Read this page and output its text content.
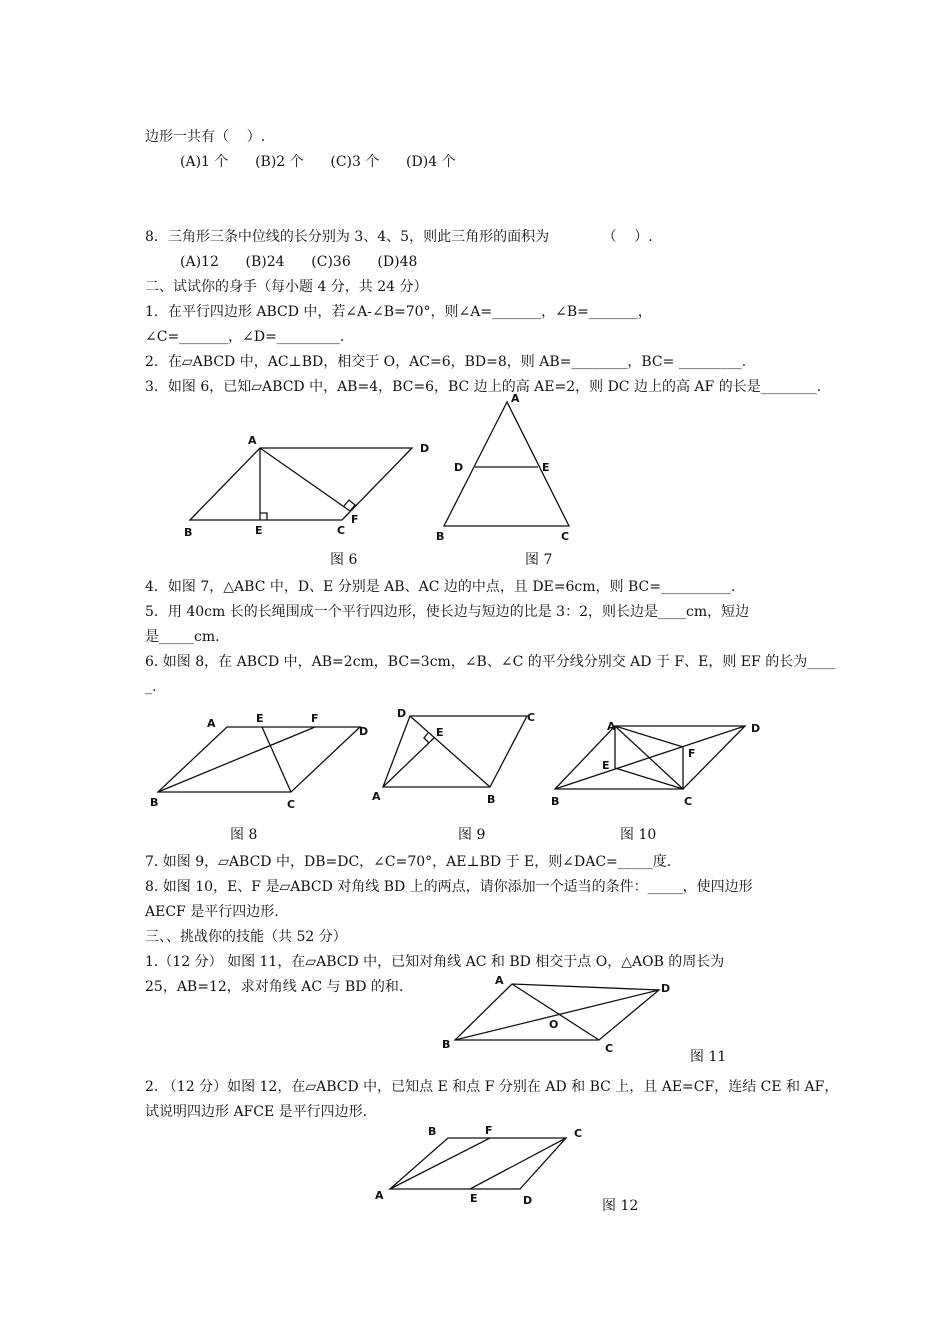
边形一共有（    ）.
(A)1 个      (B)2 个      (C)3 个      (D)4 个
8．三角形三条中位线的长分别为 3、4、5，则此三角形的面积为            （    ）.
(A)12      (B)24      (C)36      (D)48
二、试试你的身手（每小题 4 分，共 24 分）
1．在平行四边形 ABCD 中，若∠A-∠B=70°，则∠A=_______，∠B=_______，
∠C=_______，∠D=_________.
2．在▱ABCD 中，AC⊥BD，相交于 O，AC=6，BD=8，则 AB=________，BC= _________.
3．如图 6，已知▱ABCD 中，AB=4，BC=6，BC 边上的高 AE=2，则 DC 边上的高 AF 的长是________.
A
D
B	E	C
F
A
D	E
B	C
图 6	图 7
4．如图 7，△ABC 中，D、E 分别是 AB、AC 边的中点，且 DE=6cm，则 BC=__________.
5．用 40cm 长的长绳围成一个平行四边形，使长边与短边的比是 3：2，则长边是____cm，短边
是_____cm.
6. 如图 8，在 ABCD 中，AB=2cm，BC=3cm，∠B、∠C 的平分线分别交 AD 于 F、E，则 EF 的长为____
_.
A	E	F
D
B	C
D
E
C
A	B
A	D
E
F
B	C
图 8	图 9	图 10
7. 如图 9，▱ABCD 中，DB=DC，∠C=70°，AE⊥BD 于 E，则∠DAC=_____度.
8. 如图 10，E、F 是▱ABCD 对角线 BD 上的两点，请你添加一个适当的条件：_____，使四边形
AECF 是平行四边形.
三、、挑战你的技能（共 52 分）
1.（12 分） 如图 11，在▱ABCD 中，已知对角线 AC 和 BD 相交于点 O，△AOB 的周长为
25，AB=12，求对角线 AC 与 BD 的和.	A
D
O
B	C
图 11
2. （12 分）如图 12，在▱ABCD 中，已知点 E 和点 F 分别在 AD 和 BC 上，且 AE=CF，连结 CE 和 AF，
试说明四边形 AFCE 是平行四边形.
B	F	C
A	E	D	图 12
